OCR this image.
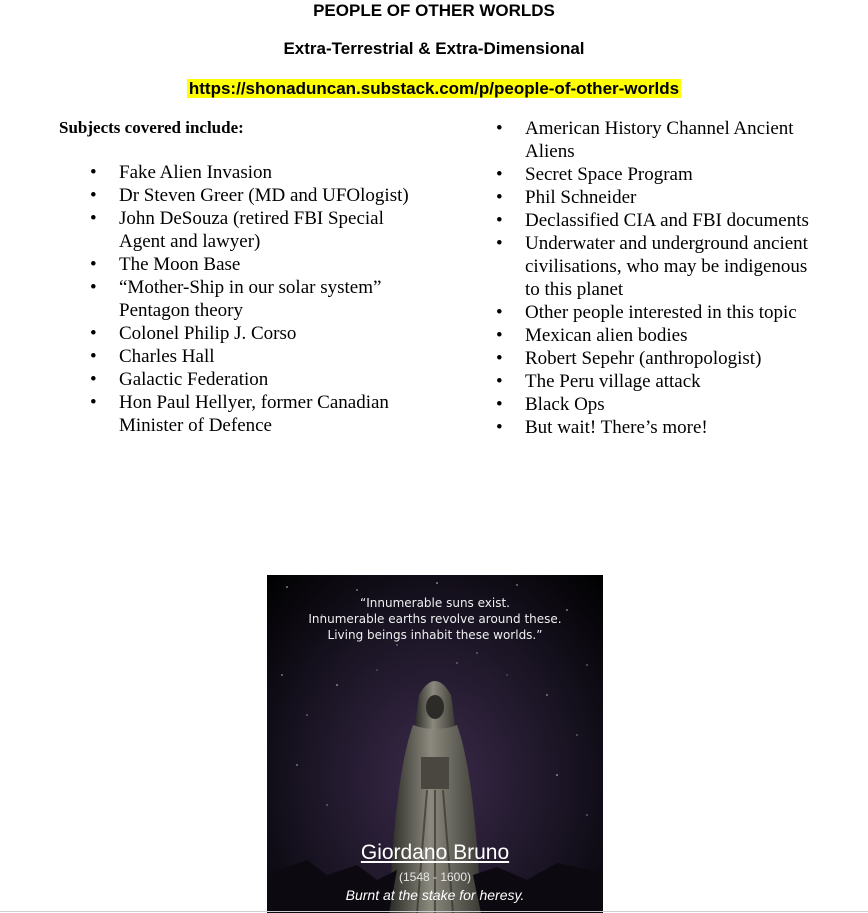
PEOPLE OF OTHER WORLDS
Extra-Terrestrial & Extra-Dimensional

https://shonaduncan.substack.com/p/people-of-other-worlds

Subjects covered include:

• Fake Alien Invasion
• Dr Steven Greer (MD and UFOlogist)
• John DeSouza (retired FBI Special Agent and lawyer)
• The Moon Base
• “Mother-Ship in our solar system” Pentagon theory
• Colonel Philip J. Corso
• Charles Hall
• Galactic Federation
• Hon Paul Hellyer, former Canadian Minister of Defence
• American History Channel Ancient Aliens
• Secret Space Program
• Phil Schneider
• Declassified CIA and FBI documents
• Underwater and underground ancient civilisations, who may be indigenous to this planet
• Other people interested in this topic
• Mexican alien bodies
• Robert Sepehr (anthropologist)
• The Peru village attack
• Black Ops
• But wait! There’s more!

“Innumerable suns exist.
Innumerable earths revolve around these.
Living beings inhabit these worlds.”

Giordano Bruno

(1548 - 1600)

Burnt at the stake for heresy.
